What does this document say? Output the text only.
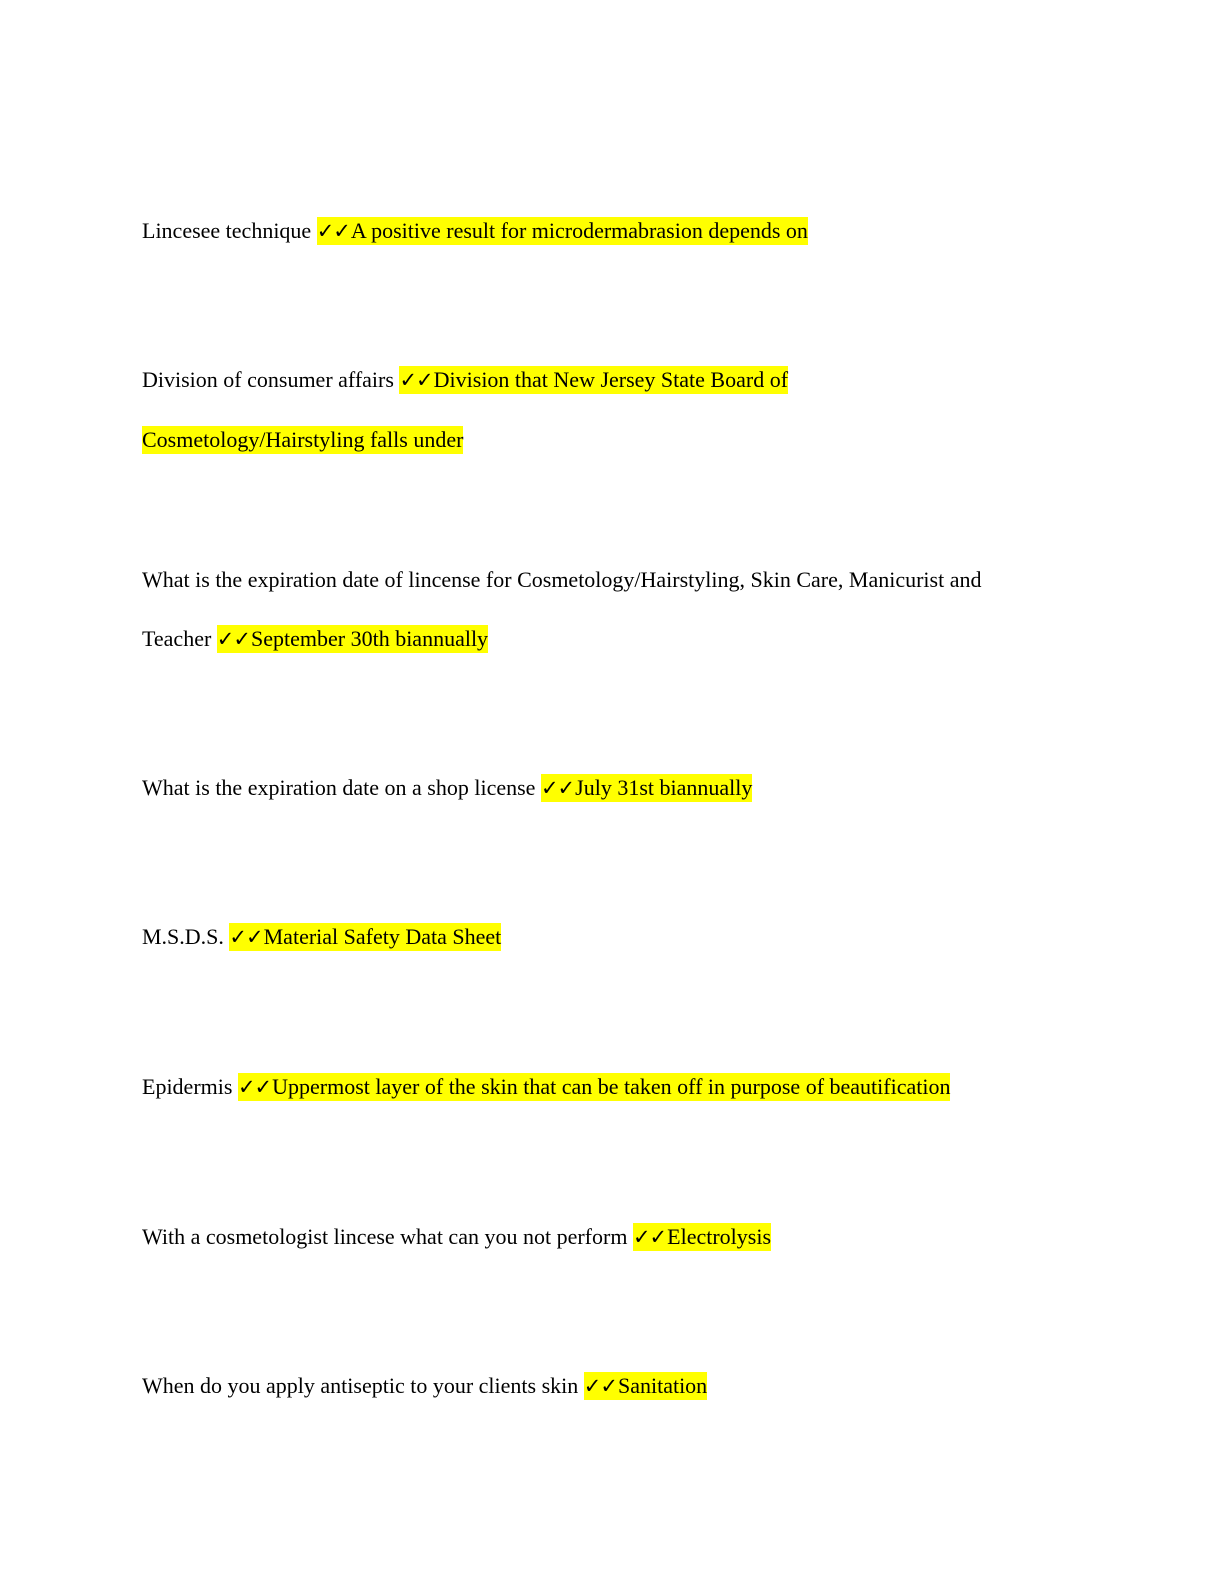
Lincesee technique ✓✓A positive result for microdermabrasion depends on
Division of consumer affairs ✓✓Division that New Jersey State Board of
Cosmetology/Hairstyling falls under
What is the expiration date of lincense for Cosmetology/Hairstyling, Skin Care, Manicurist and
Teacher ✓✓September 30th biannually
What is the expiration date on a shop license ✓✓July 31st biannually
M.S.D.S. ✓✓Material Safety Data Sheet
Epidermis ✓✓Uppermost layer of the skin that can be taken off in purpose of beautification
With a cosmetologist lincese what can you not perform ✓✓Electrolysis
When do you apply antiseptic to your clients skin ✓✓Sanitation
